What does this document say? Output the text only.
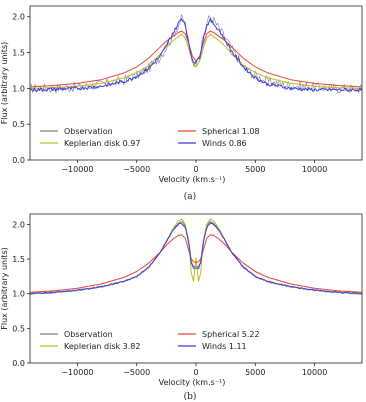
−10000	−5000	0	5000	10000
0.0
0.5
1.0
1.5
2.0
Velocity (km.s⁻¹)
Flux (arbitrary units)
Observation
Keplerian disk 0.97
Spherical 1.08
Winds 0.86
(a)
−10000	−5000	0	5000	10000
0.0
0.5
1.0
1.5
2.0
Velocity (km.s⁻¹)
Flux (arbitrary units)
Observation
Keplerian disk 3.82
Spherical 5.22
Winds 1.11
(b)
